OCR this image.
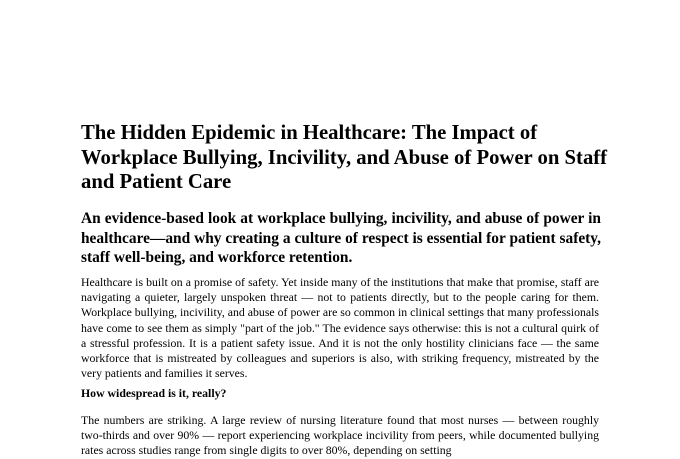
The Hidden Epidemic in Healthcare: The Impact of Workplace Bullying, Incivility, and Abuse of Power on Staff and Patient Care
An evidence-based look at workplace bullying, incivility, and abuse of power in healthcare—and why creating a culture of respect is essential for patient safety, staff well-being, and workforce retention.

Healthcare is built on a promise of safety. Yet inside many of the institutions that make that promise, staff are navigating a quieter, largely unspoken threat — not to patients directly, but to the people caring for them. Workplace bullying, incivility, and abuse of power are so common in clinical settings that many professionals have come to see them as simply "part of the job." The evidence says otherwise: this is not a cultural quirk of a stressful profession. It is a patient safety issue. And it is not the only hostility clinicians face — the same workforce that is mistreated by colleagues and superiors is also, with striking frequency, mistreated by the very patients and families it serves.

How widespread is it, really?

The numbers are striking. A large review of nursing literature found that most nurses — between roughly two-thirds and over 90% — report experiencing workplace incivility from peers, while documented bullying rates across studies range from single digits to over 80%, depending on setting
